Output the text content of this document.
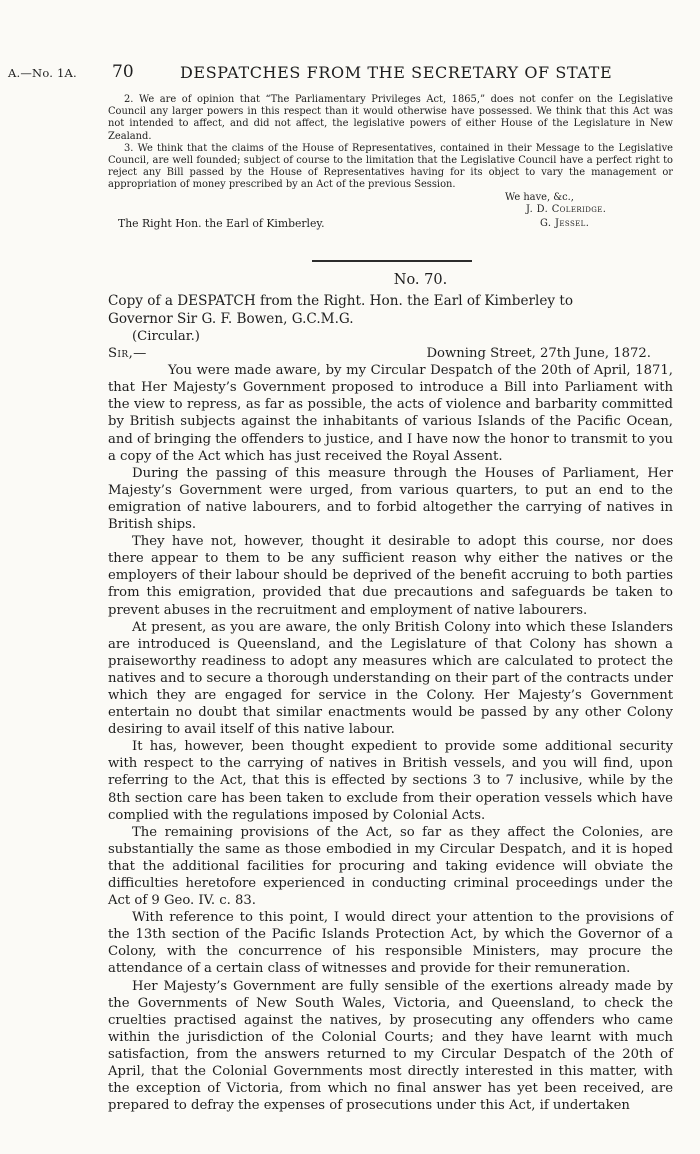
A.—No. 1A. 70	DESPATCHES FROM THE SECRETARY OF STATE

2. We are of opinion that “The Parliamentary Privileges Act, 1865,” does not confer on the Legislative Council any larger powers in this respect than it would otherwise have possessed. We think that this Act was not intended to affect, and did not affect, the legislative powers of either House of the Legislature in New Zealand.

3. We think that the claims of the House of Representatives, contained in their Message to the Legislative Council, are well founded; subject of course to the limitation that the Legislative Council have a perfect right to reject any Bill passed by the House of Representatives having for its object to vary the management or appropriation of money prescribed by an Act of the previous Session.

We have, &c.,
J. D. Coleridge.
The Right Hon. the Earl of Kimberley.	G. Jessel.
No. 70.

Copy of a DESPATCH from the Right. Hon. the Earl of Kimberley to

Governor Sir G. F. Bowen, G.C.M.G.

(Circular.)

Sir,—	Downing Street, 27th June, 1872.

You were made aware, by my Circular Despatch of the 20th of April, 1871, that Her Majesty’s Government proposed to introduce a Bill into Parliament with the view to repress, as far as possible, the acts of violence and barbarity committed by British subjects against the inhabitants of various Islands of the Pacific Ocean, and of bringing the offenders to justice, and I have now the honor to transmit to you a copy of the Act which has just received the Royal Assent.

During the passing of this measure through the Houses of Parliament, Her Majesty’s Government were urged, from various quarters, to put an end to the emigration of native labourers, and to forbid altogether the carrying of natives in British ships.

They have not, however, thought it desirable to adopt this course, nor does there appear to them to be any sufficient reason why either the natives or the employers of their labour should be deprived of the benefit accruing to both parties from this emigration, provided that due precautions and safeguards be taken to prevent abuses in the recruitment and employment of native labourers.

At present, as you are aware, the only British Colony into which these Islanders are introduced is Queensland, and the Legislature of that Colony has shown a praiseworthy readiness to adopt any measures which are calculated to protect the natives and to secure a thorough understanding on their part of the contracts under which they are engaged for service in the Colony. Her Majesty’s Government entertain no doubt that similar enactments would be passed by any other Colony desiring to avail itself of this native labour.

It has, however, been thought expedient to provide some additional security with respect to the carrying of natives in British vessels, and you will find, upon referring to the Act, that this is effected by sections 3 to 7 inclusive, while by the 8th section care has been taken to exclude from their operation vessels which have complied with the regulations imposed by Colonial Acts.

The remaining provisions of the Act, so far as they affect the Colonies, are substantially the same as those embodied in my Circular Despatch, and it is hoped that the additional facilities for procuring and taking evidence will obviate the difficulties heretofore experienced in conducting criminal proceedings under the Act of 9 Geo. IV. c. 83.

With reference to this point, I would direct your attention to the provisions of the 13th section of the Pacific Islands Protection Act, by which the Governor of a Colony, with the concurrence of his responsible Ministers, may procure the attendance of a certain class of witnesses and provide for their remuneration.

Her Majesty’s Government are fully sensible of the exertions already made by the Governments of New South Wales, Victoria, and Queensland, to check the cruelties practised against the natives, by prosecuting any offenders who came within the jurisdiction of the Colonial Courts; and they have learnt with much satisfaction, from the answers returned to my Circular Despatch of the 20th of April, that the Colonial Governments most directly interested in this matter, with the exception of Victoria, from which no final answer has yet been received, are prepared to defray the expenses of prosecutions under this Act, if undertaken
